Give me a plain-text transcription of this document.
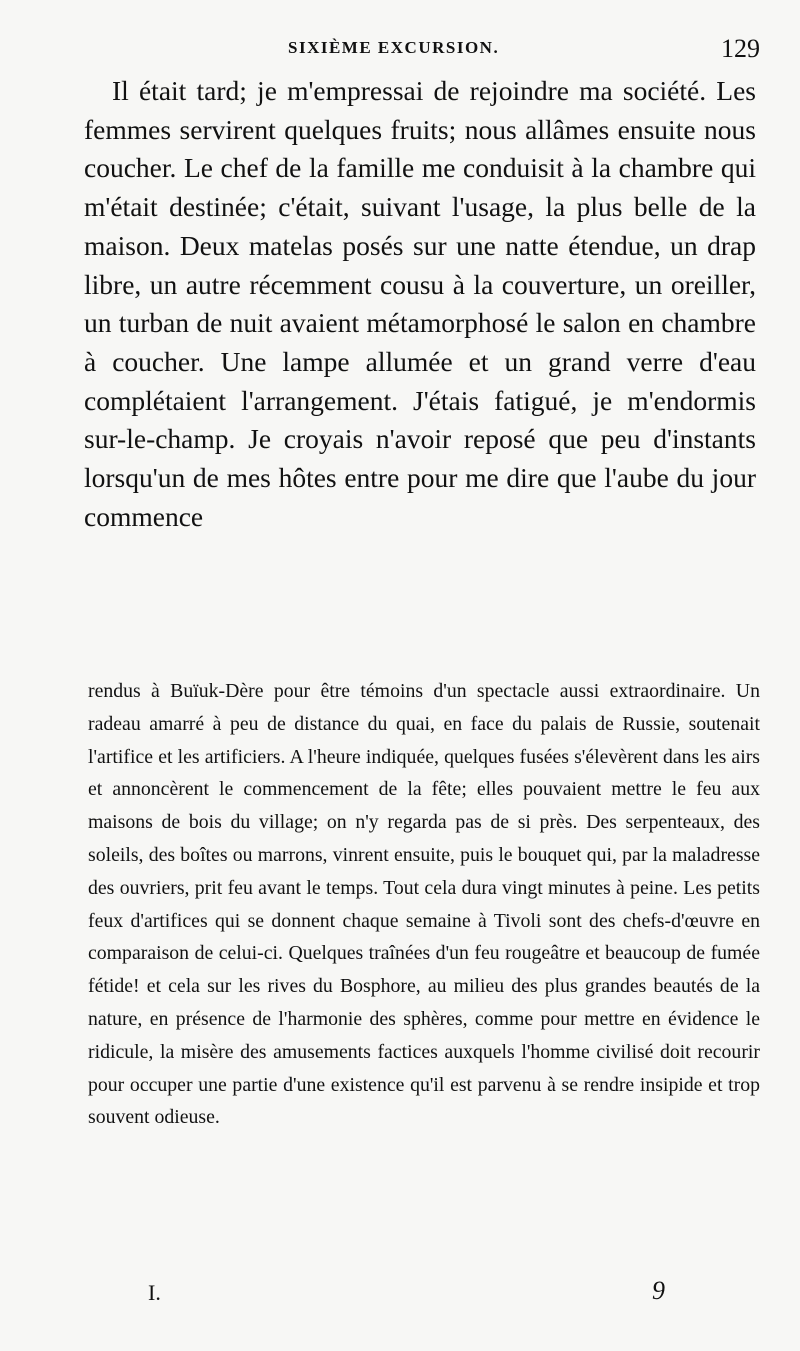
SIXIÈME EXCURSION.	129

Il était tard; je m'empressai de rejoindre ma société. Les femmes servirent quelques fruits; nous allâmes ensuite nous coucher. Le chef de la famille me conduisit à la chambre qui m'était destinée; c'était, suivant l'usage, la plus belle de la maison. Deux matelas posés sur une natte étendue, un drap libre, un autre récemment cousu à la couverture, un oreiller, un turban de nuit avaient métamorphosé le salon en chambre à coucher. Une lampe allumée et un grand verre d'eau complétaient l'arrangement. J'étais fatigué, je m'endormis sur-le-champ. Je croyais n'avoir reposé que peu d'instants lorsqu'un de mes hôtes entre pour me dire que l'aube du jour commence

rendus à Buïuk-Dère pour être témoins d'un spectacle aussi extraordinaire. Un radeau amarré à peu de distance du quai, en face du palais de Russie, soutenait l'artifice et les artificiers. A l'heure indiquée, quelques fusées s'élevèrent dans les airs et annoncèrent le commencement de la fête; elles pouvaient mettre le feu aux maisons de bois du village; on n'y regarda pas de si près. Des serpenteaux, des soleils, des boîtes ou marrons, vinrent ensuite, puis le bouquet qui, par la maladresse des ouvriers, prit feu avant le temps. Tout cela dura vingt minutes à peine. Les petits feux d'artifices qui se donnent chaque semaine à Tivoli sont des chefs-d'œuvre en comparaison de celui-ci. Quelques traînées d'un feu rougeâtre et beaucoup de fumée fétide! et cela sur les rives du Bosphore, au milieu des plus grandes beautés de la nature, en présence de l'harmonie des sphères, comme pour mettre en évidence le ridicule, la misère des amusements factices auxquels l'homme civilisé doit recourir pour occuper une partie d'une existence qu'il est parvenu à se rendre insipide et trop souvent odieuse.

I.	9
